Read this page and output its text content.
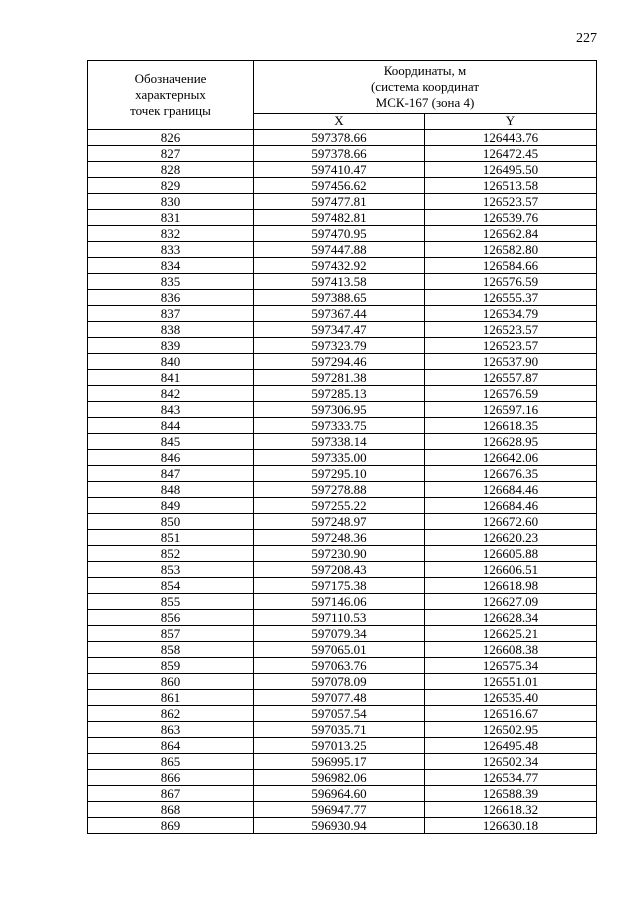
227
Обозначение
характерных
точек границы	Координаты, м
(система координат
МСК-167 (зона 4)	

	X	Y
826	597378.66	126443.76
827	597378.66	126472.45
828	597410.47	126495.50
829	597456.62	126513.58
830	597477.81	126523.57
831	597482.81	126539.76
832	597470.95	126562.84
833	597447.88	126582.80
834	597432.92	126584.66
835	597413.58	126576.59
836	597388.65	126555.37
837	597367.44	126534.79
838	597347.47	126523.57
839	597323.79	126523.57
840	597294.46	126537.90
841	597281.38	126557.87
842	597285.13	126576.59
843	597306.95	126597.16
844	597333.75	126618.35
845	597338.14	126628.95
846	597335.00	126642.06
847	597295.10	126676.35
848	597278.88	126684.46
849	597255.22	126684.46
850	597248.97	126672.60
851	597248.36	126620.23
852	597230.90	126605.88
853	597208.43	126606.51
854	597175.38	126618.98
855	597146.06	126627.09
856	597110.53	126628.34
857	597079.34	126625.21
858	597065.01	126608.38
859	597063.76	126575.34
860	597078.09	126551.01
861	597077.48	126535.40
862	597057.54	126516.67
863	597035.71	126502.95
864	597013.25	126495.48
865	596995.17	126502.34
866	596982.06	126534.77
867	596964.60	126588.39
868	596947.77	126618.32
869	596930.94	126630.18
